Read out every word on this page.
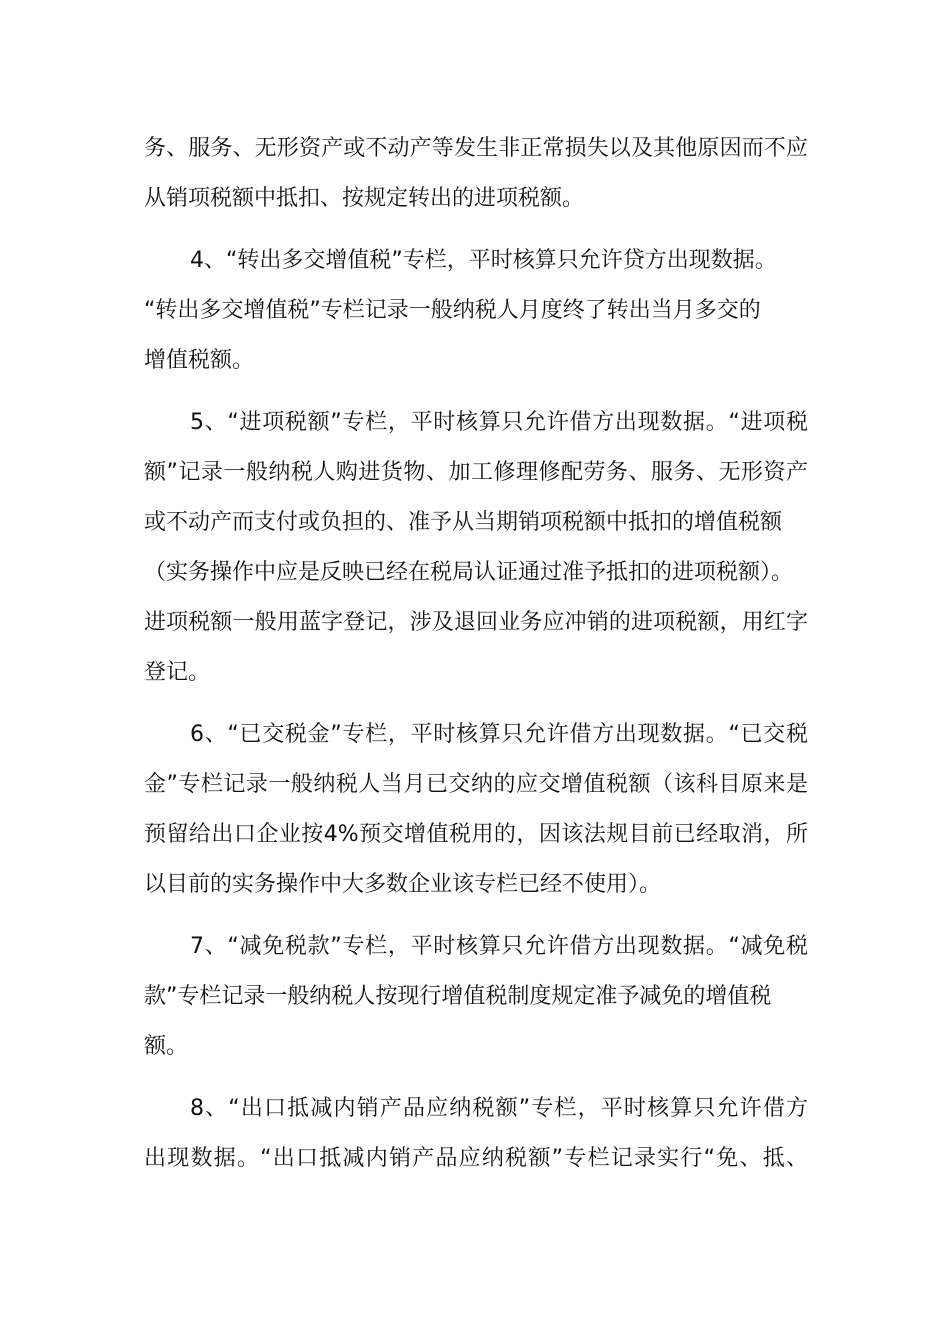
务、服务、无形资产或不动产等发生非正常损失以及其他原因而不应
从销项税额中抵扣、按规定转出的进项税额。
4、“转出多交增值税”专栏，平时核算只允许贷方出现数据。
“转出多交增值税”专栏记录一般纳税人月度终了转出当月多交的
增值税额。
5、“进项税额”专栏，平时核算只允许借方出现数据。“进项税
额”记录一般纳税人购进货物、加工修理修配劳务、服务、无形资产
或不动产而支付或负担的、准予从当期销项税额中抵扣的增值税额
（实务操作中应是反映已经在税局认证通过准予抵扣的进项税额）。
进项税额一般用蓝字登记，涉及退回业务应冲销的进项税额，用红字
登记。
6、“已交税金”专栏，平时核算只允许借方出现数据。“已交税
金”专栏记录一般纳税人当月已交纳的应交增值税额（该科目原来是
预留给出口企业按4%预交增值税用的，因该法规目前已经取消，所
以目前的实务操作中大多数企业该专栏已经不使用）。
7、“减免税款”专栏，平时核算只允许借方出现数据。“减免税
款”专栏记录一般纳税人按现行增值税制度规定准予减免的增值税
额。
8、“出口抵减内销产品应纳税额”专栏，平时核算只允许借方
出现数据。“出口抵减内销产品应纳税额”专栏记录实行“免、抵、
